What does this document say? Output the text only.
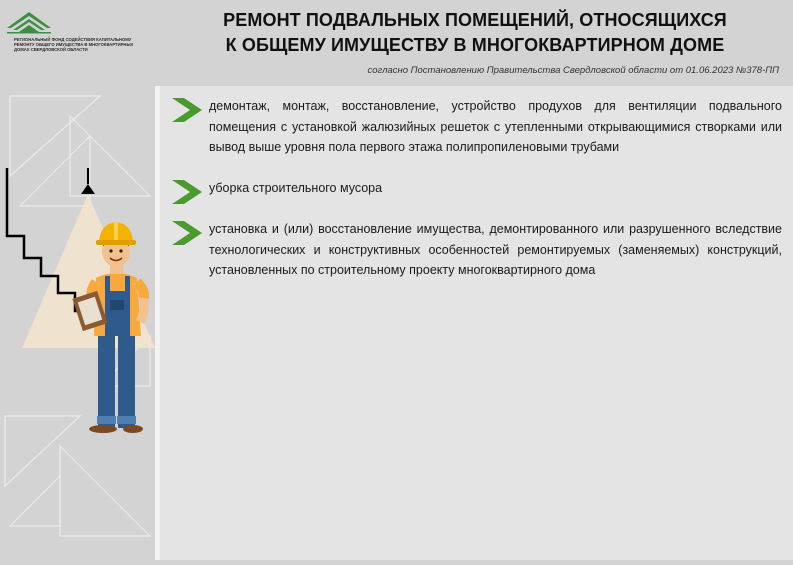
РЕГИОНАЛЬНЫЙ ФОНД СОДЕЙСТВИЯ КАПИТАЛЬНОМУ РЕМОНТУ ОБЩЕГО ИМУЩЕСТВА В МНОГОКВАРТИРНЫХ ДОМАХ СВЕРДЛОВСКОЙ ОБЛАСТИ
РЕМОНТ ПОДВАЛЬНЫХ ПОМЕЩЕНИЙ, ОТНОСЯЩИХСЯ
К ОБЩЕМУ ИМУЩЕСТВУ В МНОГОКВАРТИРНОМ ДОМЕ
согласно Постановлению Правительства Свердловской области от 01.06.2023 №378-ПП

демонтаж, монтаж, восстановление, устройство продухов для вентиляции подвального помещения с установкой жалюзийных решеток с утепленными открывающимися створками или вывод выше уровня пола первого этажа полипропиленовыми трубами

уборка строительного мусора

установка и (или) восстановление имущества, демонтированного или разрушенного вследствие технологических и конструктивных особенностей ремонтируемых (заменяемых) конструкций, установленных по строительному проекту многоквартирного дома
